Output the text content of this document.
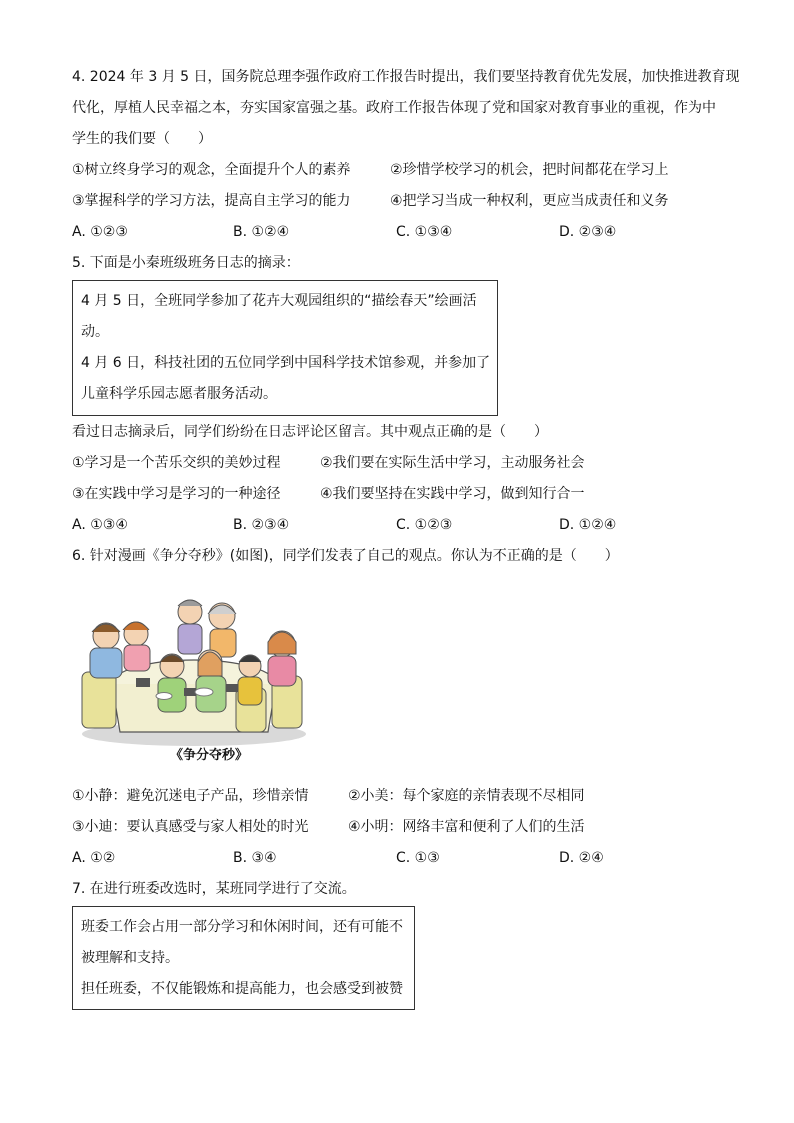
4. 2024 年 3 月 5 日，国务院总理李强作政府工作报告时提出，我们要坚持教育优先发展，加快推进教育现
代化，厚植人民幸福之本，夯实国家富强之基。政府工作报告体现了党和国家对教育事业的重视，作为中
学生的我们要（　　）
①树立终身学习的观念，全面提升个人的素养	②珍惜学校学习的机会，把时间都花在学习上
③掌握科学的学习方法，提高自主学习的能力	④把学习当成一种权利，更应当成责任和义务
A. ①②③	B. ①②④	C. ①③④	D. ②③④
5. 下面是小秦班级班务日志的摘录：
4 月 5 日，全班同学参加了花卉大观园组织的“描绘春天”绘画活
动。
4 月 6 日，科技社团的五位同学到中国科学技术馆参观，并参加了
儿童科学乐园志愿者服务活动。
看过日志摘录后，同学们纷纷在日志评论区留言。其中观点正确的是（　　）
①学习是一个苦乐交织的美妙过程	②我们要在实际生活中学习，主动服务社会
③在实践中学习是学习的一种途径	④我们要坚持在实践中学习，做到知行合一
A. ①③④	B. ②③④	C. ①②③	D. ①②④
6. 针对漫画《争分夺秒》(如图)，同学们发表了自己的观点。你认为不正确的是（　　）
《争分夺秒》
①小静：避免沉迷电子产品，珍惜亲情	②小美：每个家庭的亲情表现不尽相同
③小迪：要认真感受与家人相处的时光	④小明：网络丰富和便利了人们的生活
A. ①②	B. ③④	C. ①③	D. ②④
7. 在进行班委改选时，某班同学进行了交流。
班委工作会占用一部分学习和休闲时间，还有可能不
被理解和支持。
担任班委，不仅能锻炼和提高能力，也会感受到被赞
